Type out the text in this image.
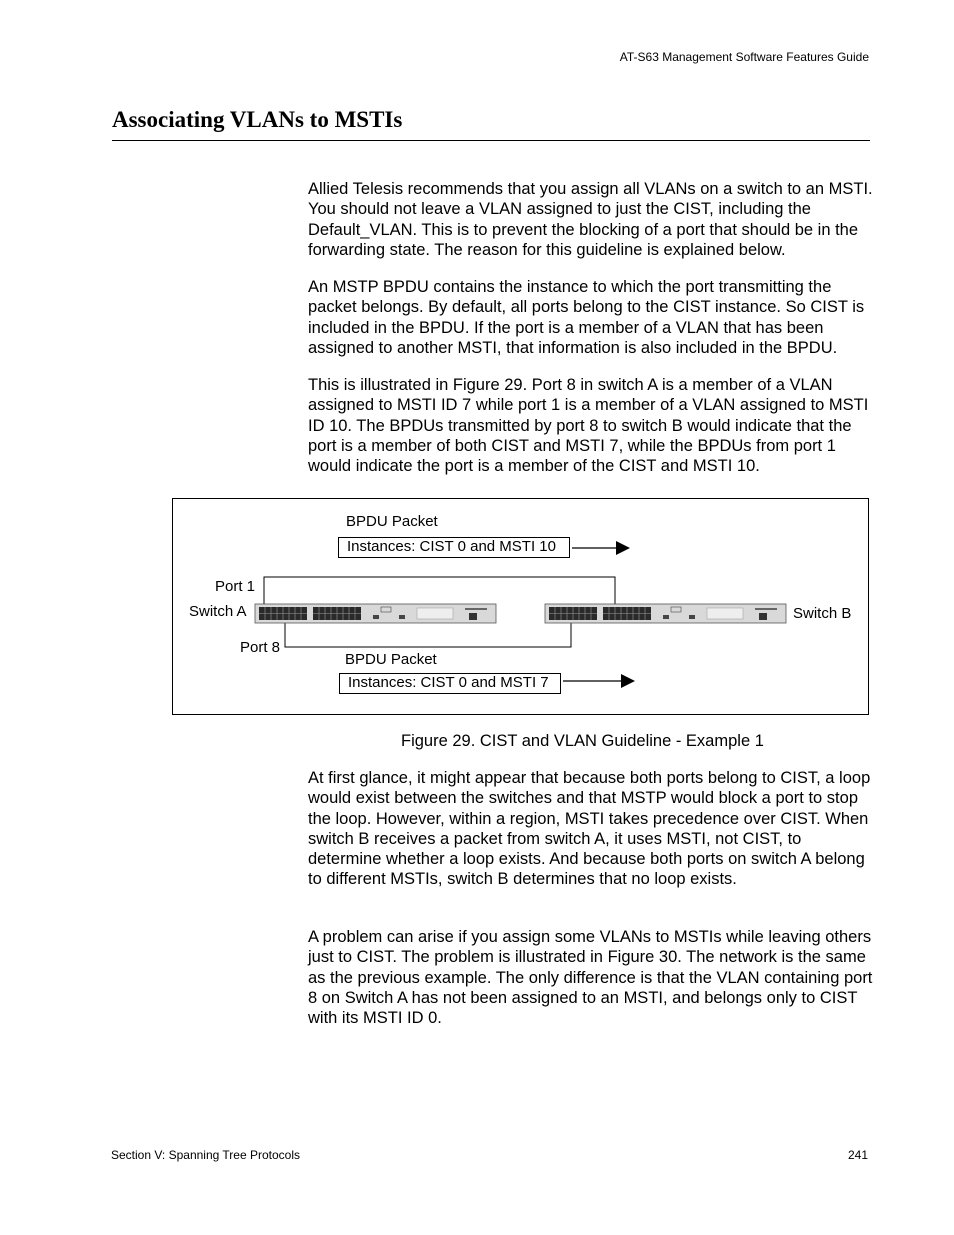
AT-S63 Management Software Features Guide
Associating VLANs to MSTIs

Allied Telesis recommends that you assign all VLANs on a switch to an MSTI. You should not leave a VLAN assigned to just the CIST, including the Default_VLAN. This is to prevent the blocking of a port that should be in the forwarding state. The reason for this guideline is explained below.

An MSTP BPDU contains the instance to which the port transmitting the packet belongs. By default, all ports belong to the CIST instance. So CIST is included in the BPDU. If the port is a member of a VLAN that has been assigned to another MSTI, that information is also included in the BPDU.

This is illustrated in Figure 29. Port 8 in switch A is a member of a VLAN assigned to MSTI ID 7 while port 1 is a member of a VLAN assigned to MSTI ID 10. The BPDUs transmitted by port 8 to switch B would indicate that the port is a member of both CIST and MSTI 7, while the BPDUs from port 1 would indicate the port is a member of the CIST and MSTI 10.

BPDU Packet
Instances: CIST 0 and MSTI 10
Port 1
Switch A	Switch B
Port 8
BPDU Packet
Instances: CIST 0 and MSTI 7
Figure 29. CIST and VLAN Guideline - Example 1

At first glance, it might appear that because both ports belong to CIST, a loop would exist between the switches and that MSTP would block a port to stop the loop. However, within a region, MSTI takes precedence over CIST. When switch B receives a packet from switch A, it uses MSTI, not CIST, to determine whether a loop exists. And because both ports on switch A belong to different MSTIs, switch B determines that no loop exists.

A problem can arise if you assign some VLANs to MSTIs while leaving others just to CIST. The problem is illustrated in Figure 30. The network is the same as the previous example. The only difference is that the VLAN containing port 8 on Switch A has not been assigned to an MSTI, and belongs only to CIST with its MSTI ID 0.

Section V: Spanning Tree Protocols	241
